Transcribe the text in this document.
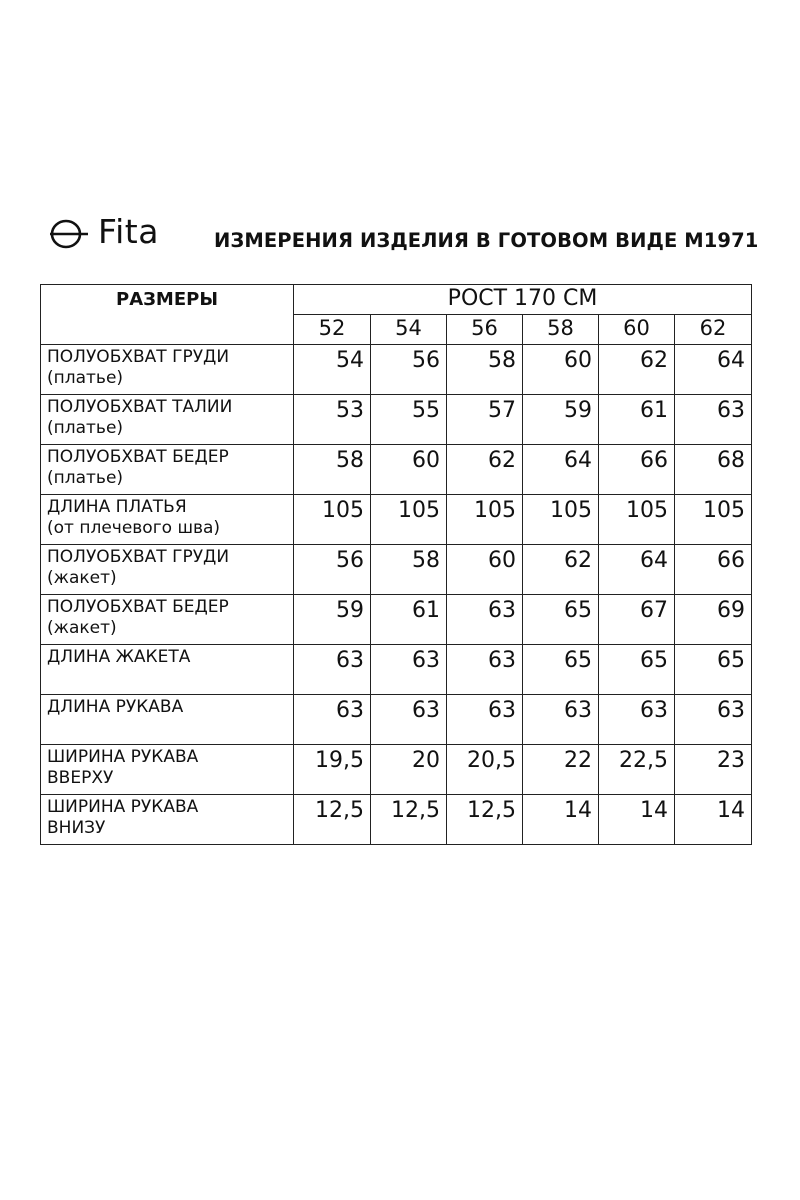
Fita	ИЗМЕРЕНИЯ ИЗДЕЛИЯ В ГОТОВОМ ВИДЕ М1971
РАЗМЕРЫ	РОСТ 170 СМ					
	52	54	56	58	60	62

ПОЛУОБХВАТ ГРУДИ
(платье)	54	56	58	60	62	64

ПОЛУОБХВАТ ТАЛИИ
(платье)	53	55	57	59	61	63

ПОЛУОБХВАТ БЕДЕР
(платье)	58	60	62	64	66	68

ДЛИНА ПЛАТЬЯ
(от плечевого шва)	105	105	105	105	105	105

ПОЛУОБХВАТ ГРУДИ
(жакет)	56	58	60	62	64	66

ПОЛУОБХВАТ БЕДЕР
(жакет)	59	61	63	65	67	69

ДЛИНА ЖАКЕТА	63	63	63	65	65	65

ДЛИНА РУКАВА	63	63	63	63	63	63

ШИРИНА РУКАВА
ВВЕРХУ	19,5	20	20,5	22	22,5	23

ШИРИНА РУКАВА
ВНИЗУ	12,5	12,5	12,5	14	14	14
